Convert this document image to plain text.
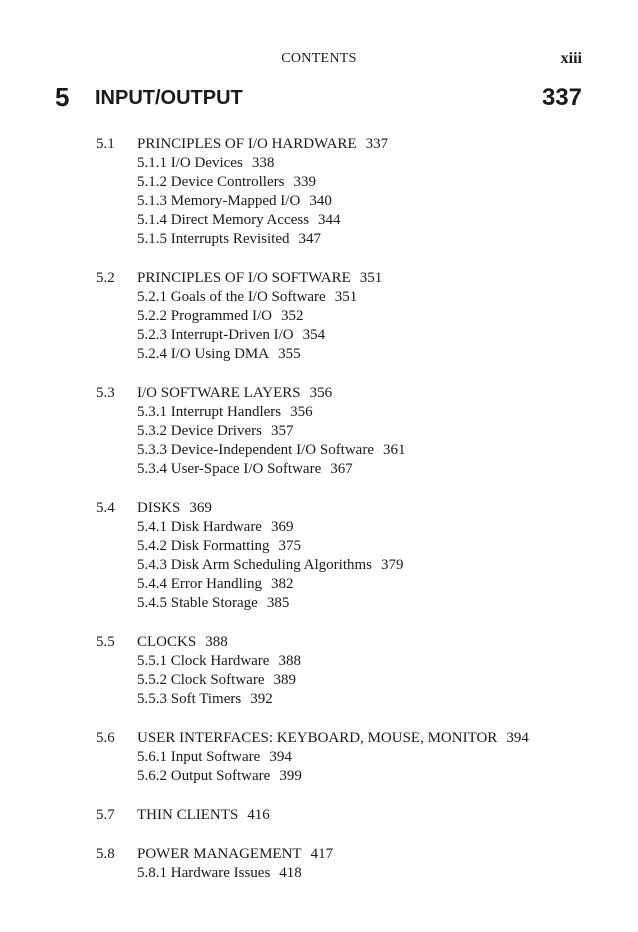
CONTENTS	xiii
5 INPUT/OUTPUT	337
5.1	PRINCIPLES OF I/O HARDWARE 337
5.1.1 I/O Devices 338
5.1.2 Device Controllers 339
5.1.3 Memory-Mapped I/O 340
5.1.4 Direct Memory Access 344
5.1.5 Interrupts Revisited 347
5.2	PRINCIPLES OF I/O SOFTWARE 351
5.2.1 Goals of the I/O Software 351
5.2.2 Programmed I/O 352
5.2.3 Interrupt-Driven I/O 354
5.2.4 I/O Using DMA 355
5.3	I/O SOFTWARE LAYERS 356
5.3.1 Interrupt Handlers 356
5.3.2 Device Drivers 357
5.3.3 Device-Independent I/O Software 361
5.3.4 User-Space I/O Software 367
5.4	DISKS 369
5.4.1 Disk Hardware 369
5.4.2 Disk Formatting 375
5.4.3 Disk Arm Scheduling Algorithms 379
5.4.4 Error Handling 382
5.4.5 Stable Storage 385
5.5	CLOCKS 388
5.5.1 Clock Hardware 388
5.5.2 Clock Software 389
5.5.3 Soft Timers 392
5.6	USER INTERFACES: KEYBOARD, MOUSE, MONITOR 394
5.6.1 Input Software 394
5.6.2 Output Software 399
5.7	THIN CLIENTS 416
5.8	POWER MANAGEMENT 417
5.8.1 Hardware Issues 418
